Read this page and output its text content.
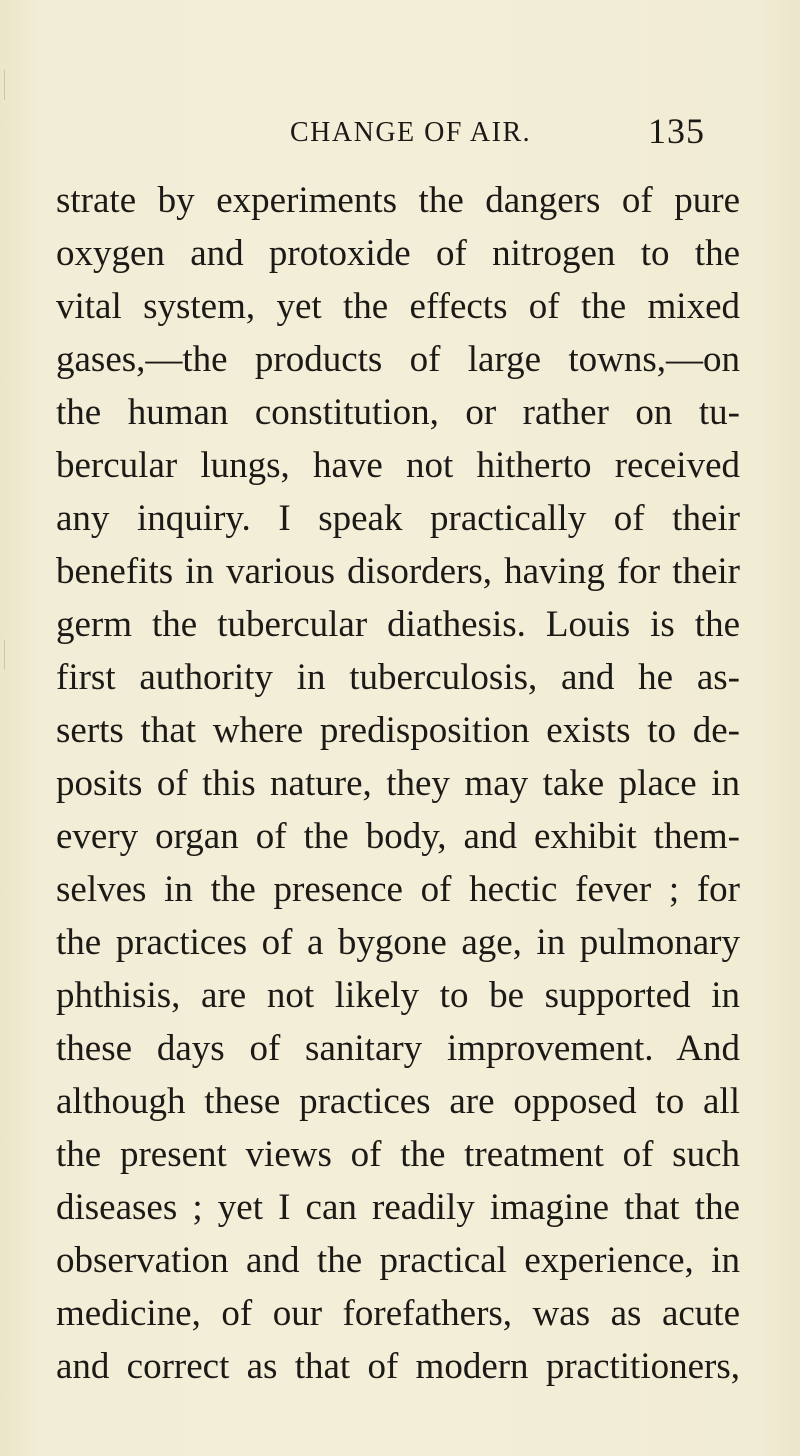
CHANGE OF AIR.	135
strate by experiments the dangers of pure
oxygen and protoxide of nitrogen to the
vital system, yet the effects of the mixed
gases,—the products of large towns,—on
the human constitution, or rather on tu-
bercular lungs, have not hitherto received
any inquiry. I speak practically of their
benefits in various disorders, having for their
germ the tubercular diathesis. Louis is the
first authority in tuberculosis, and he as-
serts that where predisposition exists to de-
posits of this nature, they may take place in
every organ of the body, and exhibit them-
selves in the presence of hectic fever ; for
the practices of a bygone age, in pulmonary
phthisis, are not likely to be supported in
these days of sanitary improvement. And
although these practices are opposed to all
the present views of the treatment of such
diseases ; yet I can readily imagine that the
observation and the practical experience, in
medicine, of our forefathers, was as acute
and correct as that of modern practitioners,
